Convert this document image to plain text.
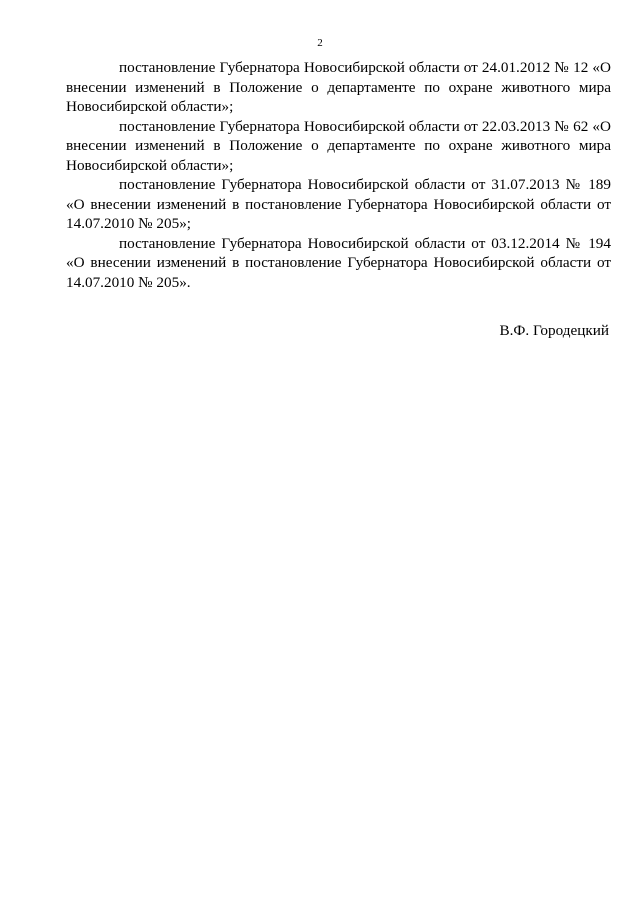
2

постановление Губернатора Новосибирской области от 24.01.2012 № 12 «О внесении изменений в Положение о департаменте по охране животного мира Новосибирской области»;

постановление Губернатора Новосибирской области от 22.03.2013 № 62 «О внесении изменений в Положение о департаменте по охране животного мира Новосибирской области»;

постановление Губернатора Новосибирской области от 31.07.2013 № 189 «О внесении изменений в постановление Губернатора Новосибирской области от 14.07.2010 № 205»;

постановление Губернатора Новосибирской области от 03.12.2014 № 194 «О внесении изменений в постановление Губернатора Новосибирской области от 14.07.2010 № 205».

В.Ф. Городецкий
